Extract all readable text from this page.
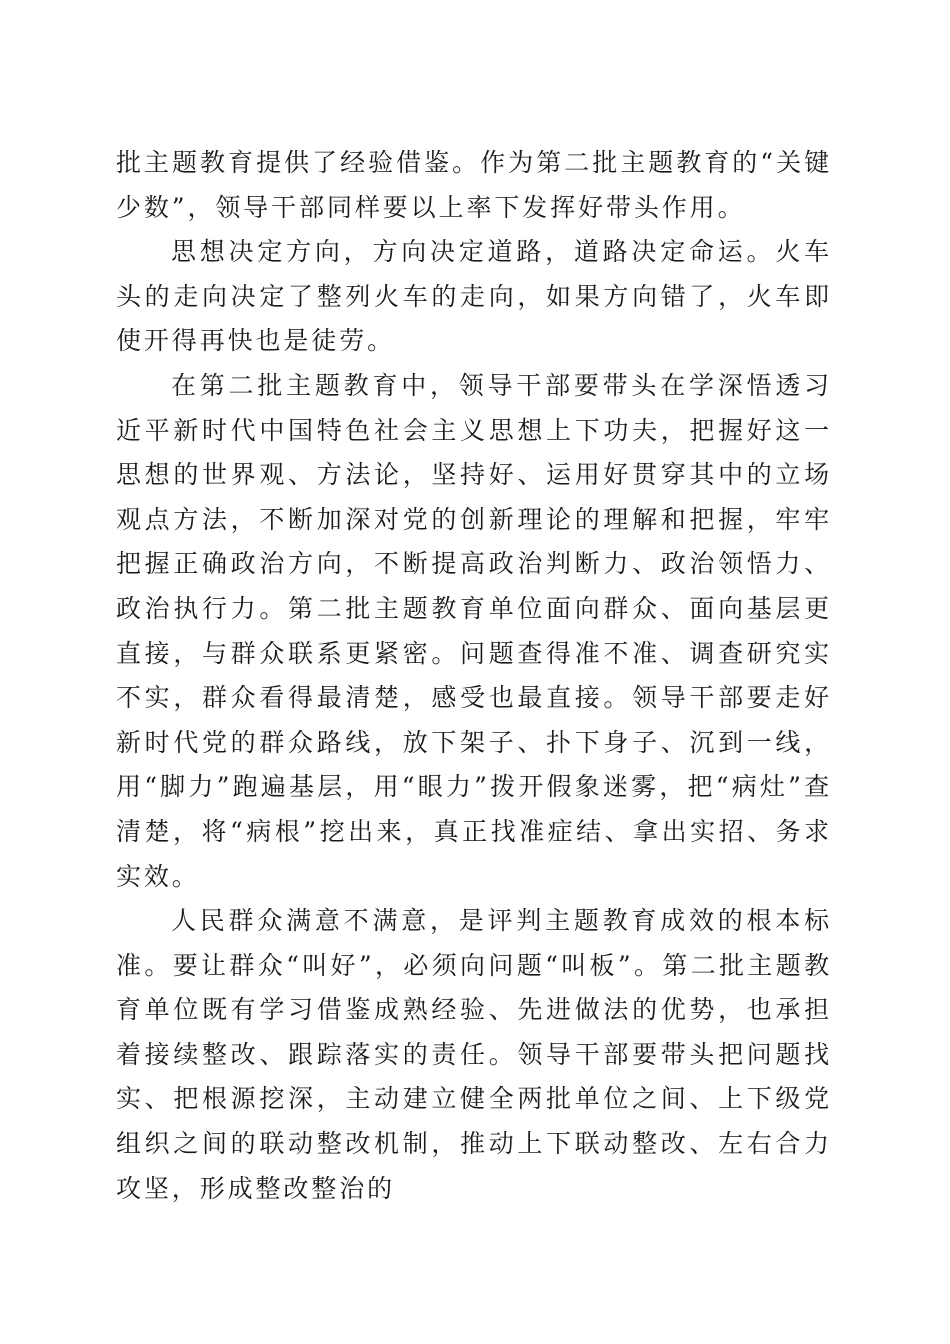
批主题教育提供了经验借鉴。作为第二批主题教育的“关键少数”，领导干部同样要以上率下发挥好带头作用。

思想决定方向，方向决定道路，道路决定命运。火车头的走向决定了整列火车的走向，如果方向错了，火车即使开得再快也是徒劳。

在第二批主题教育中，领导干部要带头在学深悟透习近平新时代中国特色社会主义思想上下功夫，把握好这一思想的世界观、方法论，坚持好、运用好贯穿其中的立场观点方法，不断加深对党的创新理论的理解和把握，牢牢把握正确政治方向，不断提高政治判断力、政治领悟力、政治执行力。第二批主题教育单位面向群众、面向基层更直接，与群众联系更紧密。问题查得准不准、调查研究实不实，群众看得最清楚，感受也最直接。领导干部要走好新时代党的群众路线，放下架子、扑下身子、沉到一线，用“脚力”跑遍基层，用“眼力”拨开假象迷雾，把“病灶”查清楚，将“病根”挖出来，真正找准症结、拿出实招、务求实效。

人民群众满意不满意，是评判主题教育成效的根本标准。要让群众“叫好”，必须向问题“叫板”。第二批主题教育单位既有学习借鉴成熟经验、先进做法的优势，也承担着接续整改、跟踪落实的责任。领导干部要带头把问题找实、把根源挖深，主动建立健全两批单位之间、上下级党组织之间的联动整改机制，推动上下联动整改、左右合力攻坚，形成整改整治的
